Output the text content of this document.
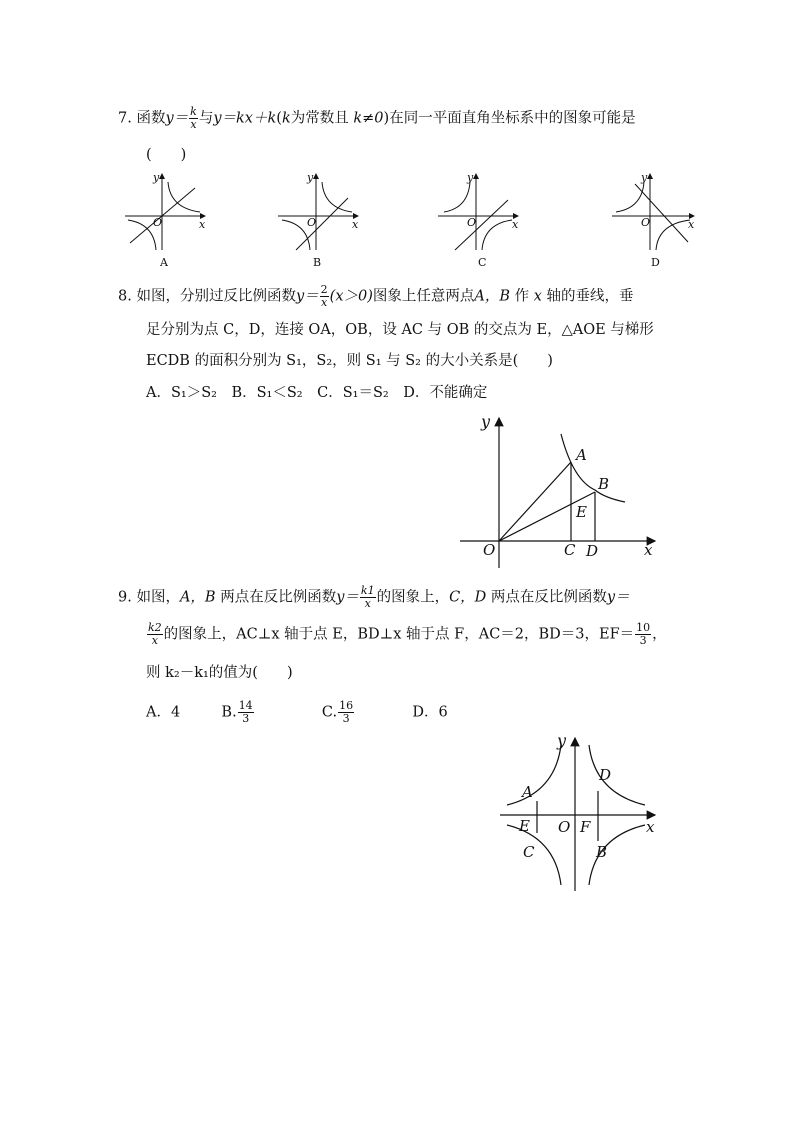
7. 函数$y= \frac{k}{x}$ 与y＝kx＋k(k为常数且 k≠0)在同一平面直角坐标系中的图象可能是
(　　)
y
x
O
A
y
x
O
B
y
x
O
C
y
x
O
D
8. 如图，分别过反比例函数$y= \frac{2}{x} (x>0)$图象上任意两点A，B 作 x 轴的垂线，垂
足分别为点 C，D，连接 OA，OB，设 AC 与 OB 的交点为 E，△AOE 与梯形
ECDB 的面积分别为 S₁，S₂，则 S₁ 与 S₂ 的大小关系是(　　)
A．S₁＞S₂　B．S₁＜S₂　C．S₁＝S₂　D．不能确定
y
A
B
E
O	C D	x
9. 如图，A，B 两点在反比例函数$y= \frac{k1}{x}$ 的图象上，C，D 两点在反比例函数y＝
$\frac{k2}{x}$ 的图象上，AC⊥x 轴于点 E，BD⊥x 轴于点 F，AC＝2，BD＝3，$EF= \frac{10}{3}$ ，
则 k₂－k₁的值为(　　)
A．4	B. $\frac{14}{3}$	C. $\frac{16}{3}$	D．6
y
D
A
E O F	x
C	B
